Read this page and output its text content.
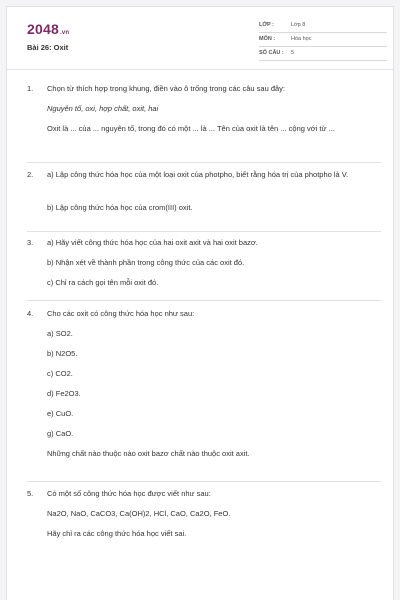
2048.vn
Bài 26: Oxit
LỚP :	Lớp 8
MÔN :	Hóa học
SỐ CÂU : 5
1. Chọn từ thích hợp trong khung, điền vào ô trống trong các câu sau đây:
Nguyên tố, oxi, hợp chất, oxit, hai
Oxit là ... của ... nguyên tố, trong đó có một ... là ... Tên của oxit là tên ... cộng với từ ...
2. a) Lập công thức hóa học của một loại oxit của photpho, biết rằng hóa trị của photpho là V.
b) Lập công thức hóa học của crom(III) oxit.
3. a) Hãy viết công thức hóa học của hai oxit axit và hai oxit bazơ.
b) Nhận xét về thành phần trong công thức của các oxit đó.
c) Chỉ ra cách gọi tên mỗi oxit đó.
4. Cho các oxit có công thức hóa học như sau:
a) SO2.
b) N2O5.
c) CO2.
d) Fe2O3.
e) CuO.
g) CaO.
Những chất nào thuộc nào oxit bazơ chất nào thuộc oxit axit.
5. Có một số công thức hóa học được viết như sau:
Na2O, NaO, CaCO3, Ca(OH)2, HCl, CaO, Ca2O, FeO.
Hãy chỉ ra các công thức hóa học viết sai.
